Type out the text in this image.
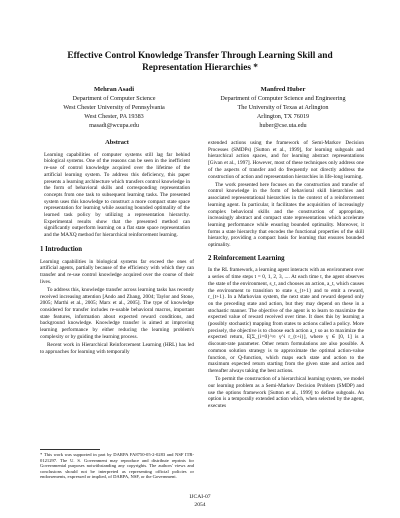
Effective Control Knowledge Transfer Through Learning Skill and Representation Hierarchies *
Mehran Asadi
Department of Computer Science
West Chester University of Pennsylvania
West Chester, PA 19383
masadi@wcupa.edu
Manfred Huber
Department of Computer Science and Engineering
The University of Texas at Arlington
Arlington, TX 76019
huber@cse.uta.edu
Abstract
Learning capabilities of computer systems still lag far behind biological systems. One of the reasons can be seen in the inefficient re-use of control knowledge acquired over the lifetime of the artificial learning system. To address this deficiency, this paper presents a learning architecture which transfers control knowledge in the form of behavioral skills and corresponding representation concepts from one task to subsequent learning tasks. The presented system uses this knowledge to construct a more compact state space representation for learning while assuring bounded optimality of the learned task policy by utilizing a representation hierarchy. Experimental results show that the presented method can significantly outperform learning on a flat state space representation and the MAXQ method for hierarchical reinforcement learning.
1 Introduction

Learning capabilities in biological systems far exceed the ones of artificial agents, partially because of the efficiency with which they can transfer and re-use control knowledge acquired over the course of their lives.

To address this, knowledge transfer across learning tasks has recently received increasing attention [Ando and Zhang, 2004; Taylor and Stone, 2005; Marthi et al., 2005; Marx et al., 2005]. The type of knowledge considered for transfer includes re-usable behavioral macros, important state features, information about expected reward conditions, and background knowledge. Knowledge transfer is aimed at improving learning performance by either reducing the learning problem's complexity or by guiding the learning process.

Recent work in Hierarchical Reinforcement Learning (HRL) has led to approaches for learning with temporally

* This work was supported in part by DARPA FA8750-05-2-0283 and NSF ITR-0121297. The U. S. Government may reproduce and distribute reprints for Governmental purposes notwithstanding any copyrights. The authors' views and conclusions should not be interpreted as representing official policies or endorsements, expressed or implied, of DARPA, NSF, or the Government.

extended actions using the framework of Semi-Markov Decision Processes (SMDPs) [Sutton et al., 1999], for learning subgoals and hierarchical action spaces, and for learning abstract representations [Givan et al., 1997]. However, most of these techniques only address one of the aspects of transfer and do frequently not directly address the construction of action and representation hierarchies in life-long learning.

The work presented here focuses on the construction and transfer of control knowledge in the form of behavioral skill hierarchies and associated representational hierarchies in the context of a reinforcement learning agent. In particular, it facilitates the acquisition of increasingly complex behavioral skills and the construction of appropriate, increasingly abstract and compact state representations which accelerate learning performance while ensuring bounded optimality. Moreover, it forms a state hierarchy that encodes the functional properties of the skill hierarchy, providing a compact basis for learning that ensures bounded optimality.

2 Reinforcement Learning

In the RL framework, a learning agent interacts with an environment over a series of time steps t = 0, 1, 2, 3, .... At each time t, the agent observes the state of the environment, s_t, and chooses an action, a_t, which causes the environment to transition to state s_{t+1} and to emit a reward, r_{t+1}. In a Markovian system, the next state and reward depend only on the preceding state and action, but they may depend on these in a stochastic manner. The objective of the agent is to learn to maximize the expected value of reward received over time. It does this by learning a (possibly stochastic) mapping from states to actions called a policy. More precisely, the objective is to choose each action a_t so as to maximize the expected return, E[Σ_{i=0}^∞ γ^i r_{t+i}], where γ ∈ [0, 1] is a discount-rate parameter. Other return formulations are also possible. A common solution strategy is to approximate the optimal action-value function, or Q-function, which maps each state and action to the maximum expected return starting from the given state and action and thereafter always taking the best actions.

To permit the construction of a hierarchical learning system, we model our learning problem as a Semi-Markov Decision Problem (SMDP) and use the options framework [Sutton et al., 1999] to define subgoals. An option is a temporally extended action which, when selected by the agent, executes

IJCAI-07
2054
